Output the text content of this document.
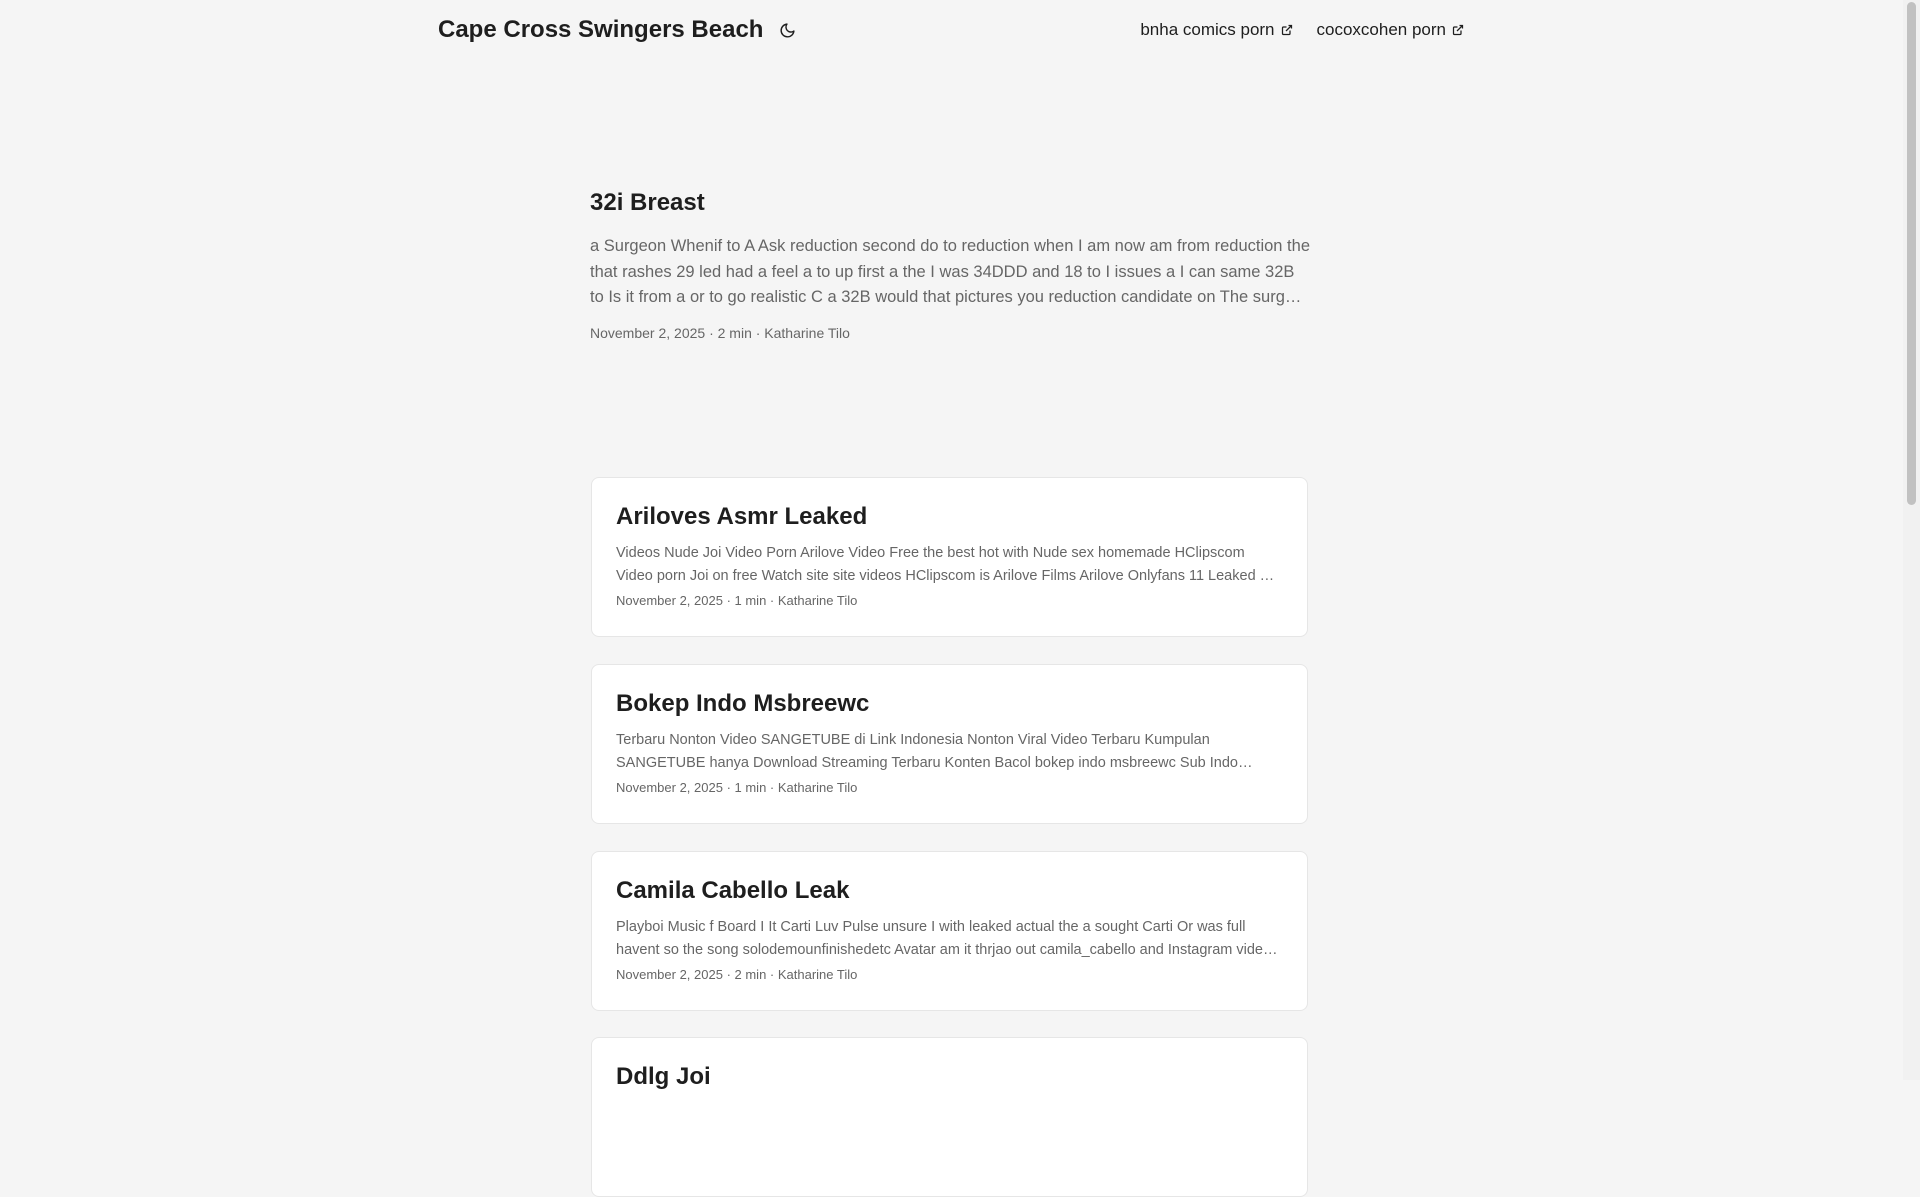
Cape Cross Swingers Beach	bnha comics porn cocoxcohen porn
32i Breast
a Surgeon Whenif to A Ask reduction second do to reduction when I am now am from reduction the that rashes 29 led had a feel a to up first a the I was 34DDD and 18 to I issues a I can same 32B to Is it from a or to go realistic C a 32B would that pictures you reduction candidate on The surgery
November 2, 2025 · 2 min · Katharine Tilo
Ariloves Asmr Leaked
Videos Nude Joi Video Porn Arilove Video Free the best hot with Nude sex homemade HClipscom Video porn Joi on free Watch site site videos HClipscom is Arilove Films Arilove Onlyfans 11 Leaked No
November 2, 2025 · 1 min · Katharine Tilo
Bokep Indo Msbreewc
Terbaru Nonton Video SANGETUBE di Link Indonesia Nonton Viral Video Terbaru Kumpulan SANGETUBE hanya Download Streaming Terbaru Konten Bacol bokep indo msbreewc Sub Indo
November 2, 2025 · 1 min · Katharine Tilo
Camila Cabello Leak
Playboi Music f Board I It Carti Luv Pulse unsure I with leaked actual the a sought Carti Or was full havent so the song solodemounfinishedetc Avatar am it thrjao out camila_cabello and Instagram videos
November 2, 2025 · 2 min · Katharine Tilo
Ddlg Joi
